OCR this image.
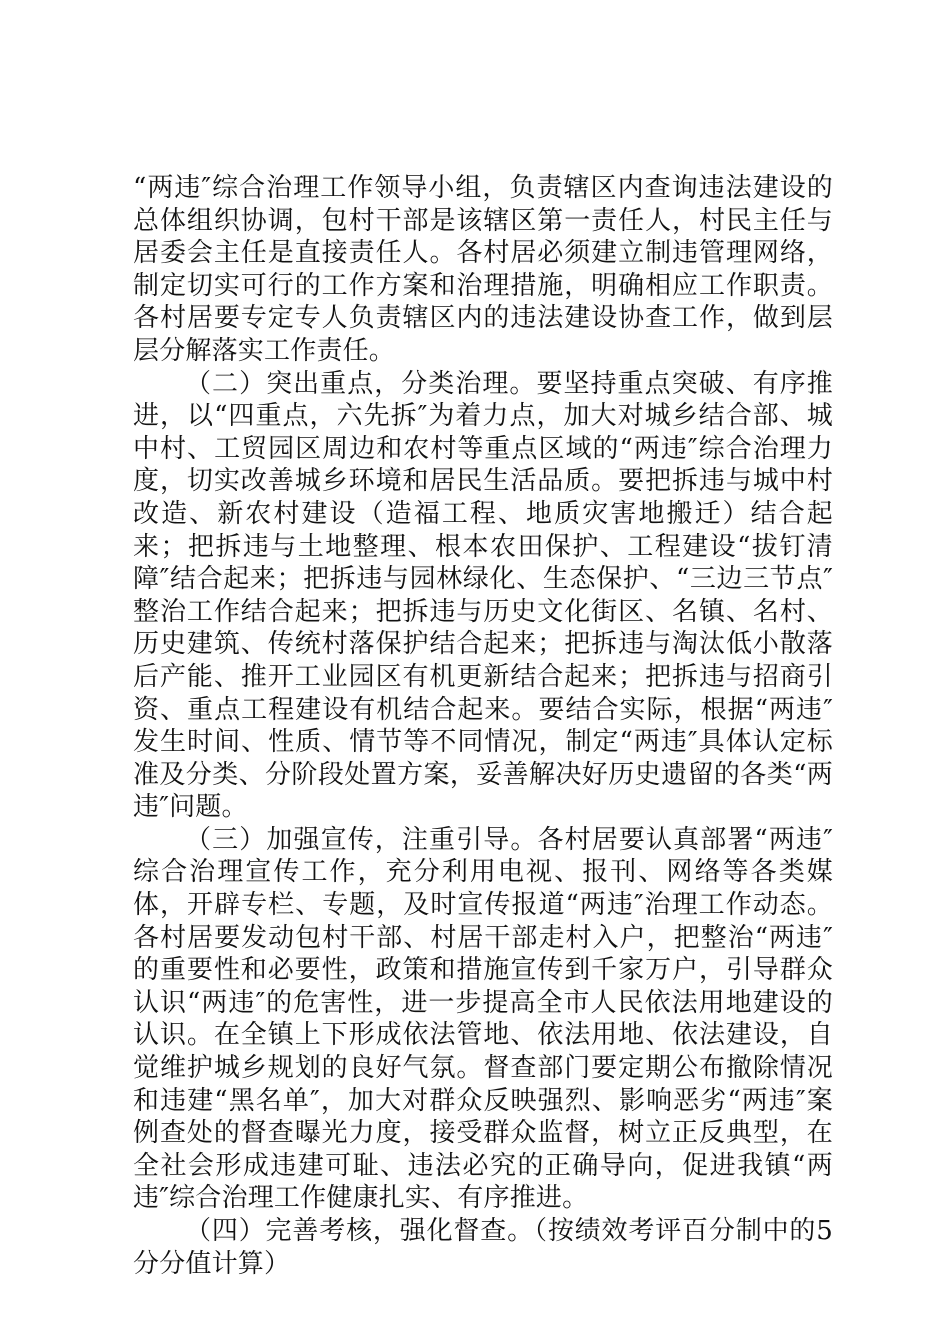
“两违″综合治理工作领导小组，负责辖区内查询违法建设的总体组织协调，包村干部是该辖区第一责任人，村民主任与居委会主任是直接责任人。各村居必须建立制违管理网络，制定切实可行的工作方案和治理措施，明确相应工作职责。各村居要专定专人负责辖区内的违法建设协查工作，做到层层分解落实工作责任。

（二）突出重点，分类治理。要坚持重点突破、有序推进，以“四重点，六先拆″为着力点，加大对城乡结合部、城中村、工贸园区周边和农村等重点区域的“两违″综合治理力度，切实改善城乡环境和居民生活品质。要把拆违与城中村改造、新农村建设（造福工程、地质灾害地搬迁）结合起来；把拆违与土地整理、根本农田保护、工程建设“拔钉清障″结合起来；把拆违与园林绿化、生态保护、“三边三节点″整治工作结合起来；把拆违与历史文化街区、名镇、名村、历史建筑、传统村落保护结合起来；把拆违与淘汰低小散落后产能、推开工业园区有机更新结合起来；把拆违与招商引资、重点工程建设有机结合起来。要结合实际，根据“两违″发生时间、性质、情节等不同情况，制定“两违″具体认定标准及分类、分阶段处置方案，妥善解决好历史遗留的各类“两违″问题。

（三）加强宣传，注重引导。各村居要认真部署“两违″综合治理宣传工作，充分利用电视、报刊、网络等各类媒体，开辟专栏、专题，及时宣传报道“两违″治理工作动态。各村居要发动包村干部、村居干部走村入户，把整治“两违″的重要性和必要性，政策和措施宣传到千家万户，引导群众认识“两违″的危害性，进一步提高全市人民依法用地建设的认识。在全镇上下形成依法管地、依法用地、依法建设，自觉维护城乡规划的良好气氛。督查部门要定期公布撤除情况和违建“黑名单″，加大对群众反映强烈、影响恶劣“两违″案例查处的督查曝光力度，接受群众监督，树立正反典型，在全社会形成违建可耻、违法必究的正确导向，促进我镇“两违″综合治理工作健康扎实、有序推进。

（四）完善考核，强化督查。（按绩效考评百分制中的5分分值计算）
